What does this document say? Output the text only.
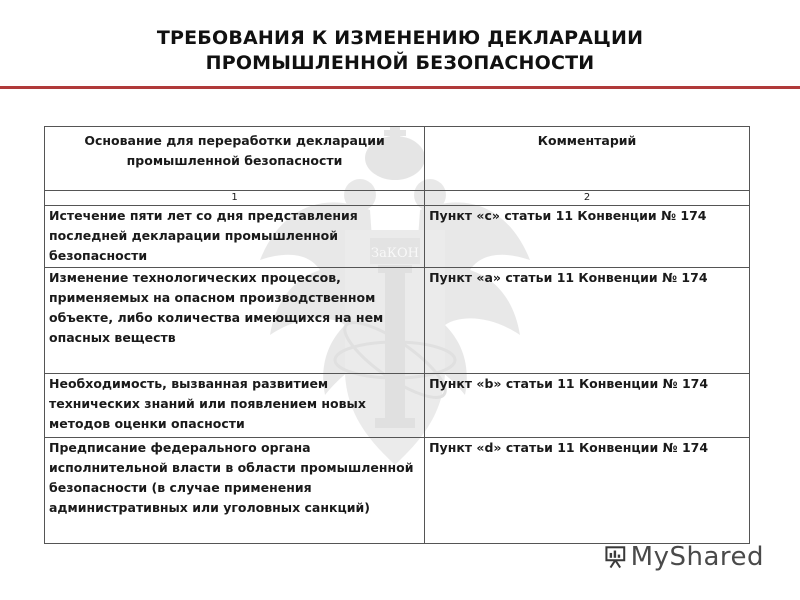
ТРЕБОВАНИЯ К ИЗМЕНЕНИЮ ДЕКЛАРАЦИИ
ПРОМЫШЛЕННОЙ БЕЗОПАСНОСТИ
ЗаКОН
Основание для переработки декларации промышленной безопасности	Комментарий
1	2
Истечение пяти лет со дня представления последней декларации промышленной безопасности	Пункт «c» статьи 11 Конвенции № 174
Изменение технологических процессов, применяемых на опасном производственном объекте, либо количества имеющихся на нем опасных веществ	Пункт «a» статьи 11 Конвенции № 174
Необходимость, вызванная развитием технических знаний или появлением новых методов оценки опасности	Пункт «b» статьи 11 Конвенции № 174
Предписание федерального органа исполнительной власти в области промышленной безопасности (в случае применения административных или уголовных санкций)	Пункт «d» статьи 11 Конвенции № 174
MyShared
